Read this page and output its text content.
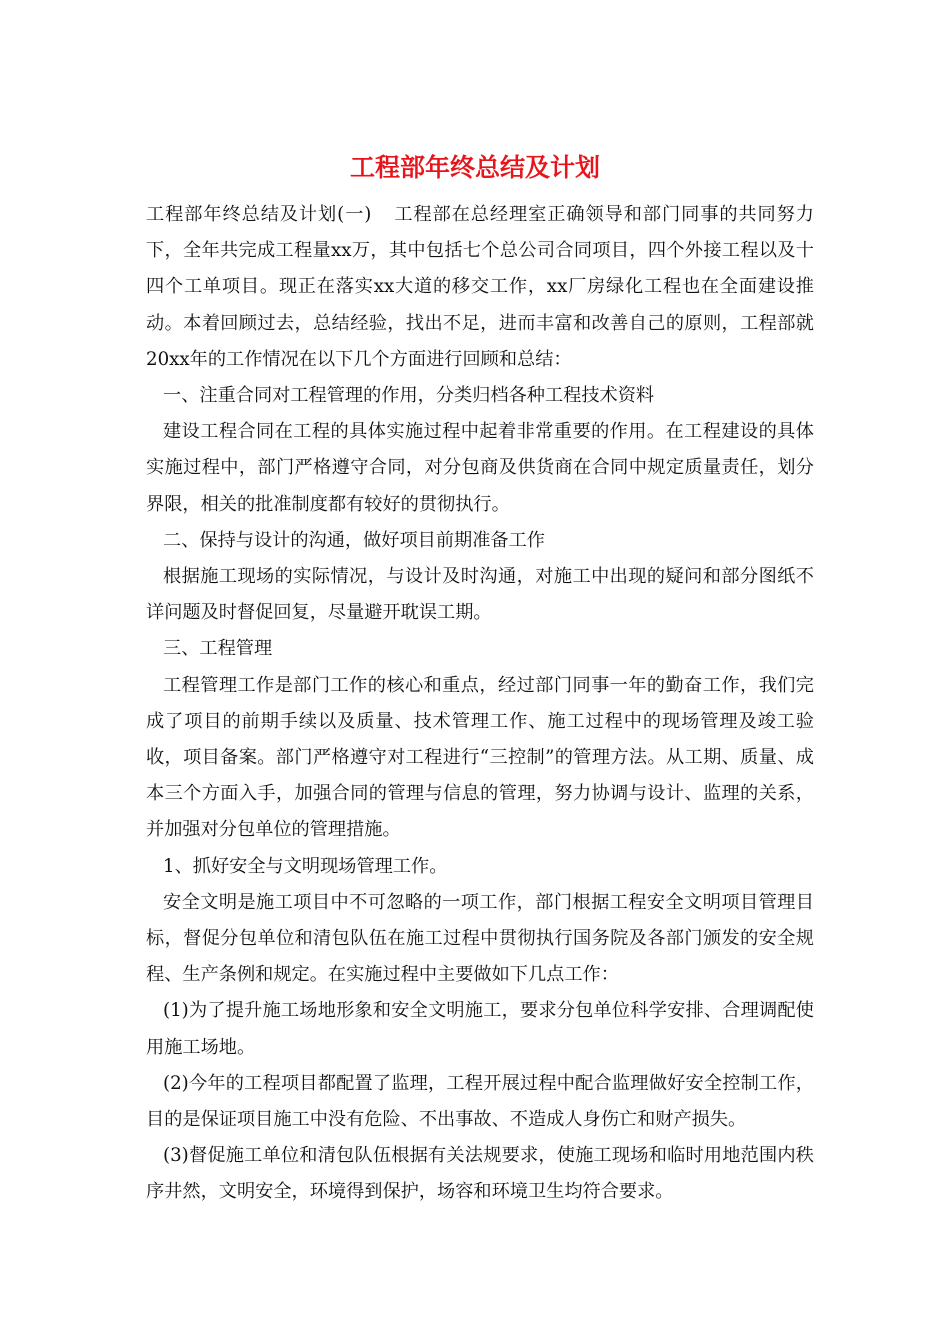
工程部年终总结及计划

工程部年终总结及计划(一) 工程部在总经理室正确领导和部门同事的共同努力下，全年共完成工程量xx万，其中包括七个总公司合同项目，四个外接工程以及十四个工单项目。现正在落实xx大道的移交工作，xx厂房绿化工程也在全面建设推动。本着回顾过去，总结经验，找出不足，进而丰富和改善自己的原则，工程部就20xx年的工作情况在以下几个方面进行回顾和总结：

一、注重合同对工程管理的作用，分类归档各种工程技术资料

建设工程合同在工程的具体实施过程中起着非常重要的作用。在工程建设的具体实施过程中，部门严格遵守合同，对分包商及供货商在合同中规定质量责任，划分界限，相关的批准制度都有较好的贯彻执行。

二、保持与设计的沟通，做好项目前期准备工作

根据施工现场的实际情况，与设计及时沟通，对施工中出现的疑问和部分图纸不详问题及时督促回复，尽量避开耽误工期。

三、工程管理

工程管理工作是部门工作的核心和重点，经过部门同事一年的勤奋工作，我们完成了项目的前期手续以及质量、技术管理工作、施工过程中的现场管理及竣工验收，项目备案。部门严格遵守对工程进行“三控制”的管理方法。从工期、质量、成本三个方面入手，加强合同的管理与信息的管理，努力协调与设计、监理的关系，并加强对分包单位的管理措施。

1、抓好安全与文明现场管理工作。

安全文明是施工项目中不可忽略的一项工作，部门根据工程安全文明项目管理目标，督促分包单位和清包队伍在施工过程中贯彻执行国务院及各部门颁发的安全规程、生产条例和规定。在实施过程中主要做如下几点工作：

(1)为了提升施工场地形象和安全文明施工，要求分包单位科学安排、合理调配使用施工场地。

(2)今年的工程项目都配置了监理，工程开展过程中配合监理做好安全控制工作，目的是保证项目施工中没有危险、不出事故、不造成人身伤亡和财产损失。

(3)督促施工单位和清包队伍根据有关法规要求，使施工现场和临时用地范围内秩序井然，文明安全，环境得到保护，场容和环境卫生均符合要求。
